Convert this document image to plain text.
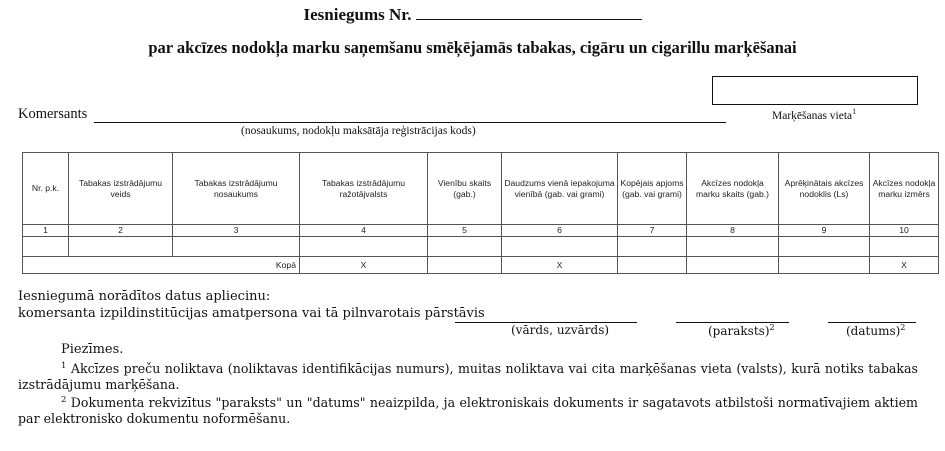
Iesniegums Nr.
par akcīzes nodokļa marku saņemšanu smēķējamās tabakas, cigāru un cigarillu marķēšanai
Marķēšanas vieta$^1$
Komersants
(nosaukums, nodokļu maksātāja reģistrācijas kods)
Nr. p.k.	Tabakas izstrādājumu veids	Tabakas izstrādājumu nosaukums	Tabakas izstrādājumu ražotājvalsts	Vienību skaits (gab.)	Daudzums vienā iepakojuma vienībā (gab. vai grami)	Kopējais apjoms (gab. vai grami)	Akcīzes nodokļa marku skaits (gab.)	Aprēķinātais akcīzes nodoklis (Ls)	Akcīzes nodokļa marku izmērs
1	2	3	4	5	6	7	8	9	10

Kopā			X		X				X
Iesniegumā norādītos datus apliecinu:
komersanta izpildinstitūcijas amatpersona vai tā pilnvarotais pārstāvis
(vārds, uzvārds)	(paraksts)$^2$	(datums)$^2$
Piezīmes.
$^1$ Akcīzes preču noliktava (noliktavas identifikācijas numurs), muitas noliktava vai cita marķēšanas vieta (valsts), kurā notiks tabakas izstrādājumu marķēšana.
$^2$ Dokumenta rekvizītus "paraksts" un "datums" neaizpilda, ja elektroniskais dokuments ir sagatavots atbilstoši normatīvajiem aktiem par elektronisko dokumentu noformēšanu.
